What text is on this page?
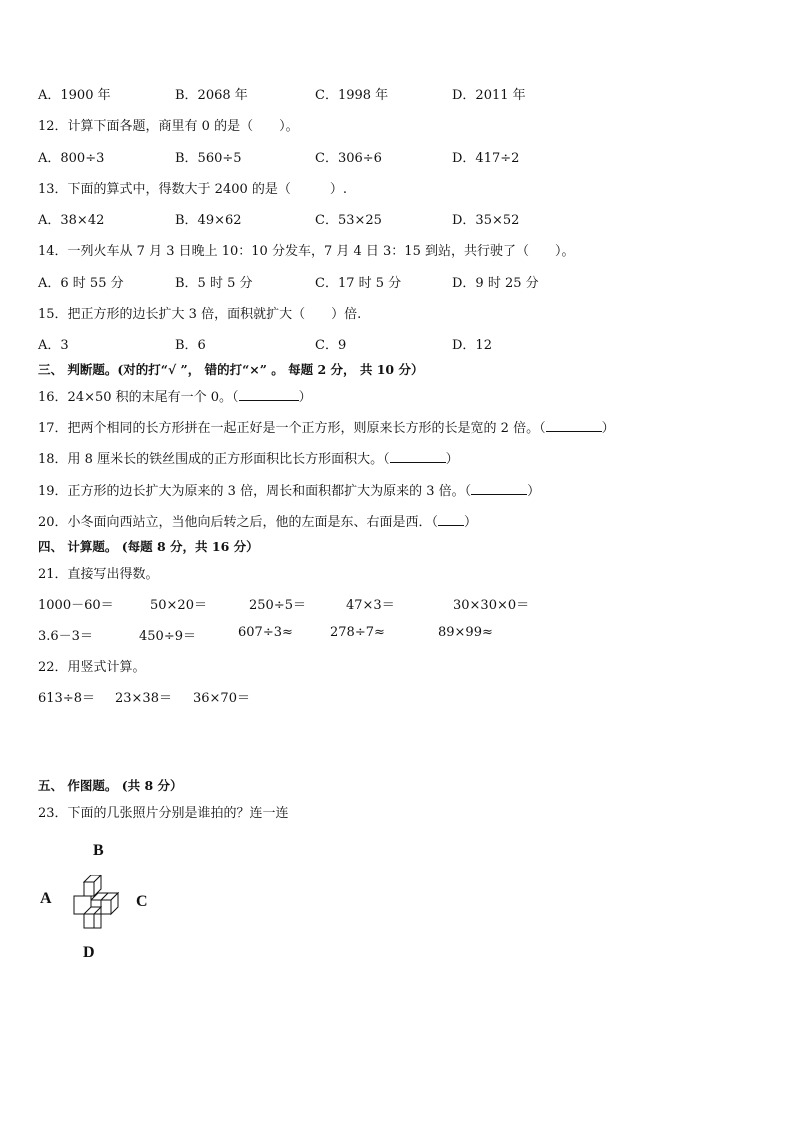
A．1900 年	B．2068 年	C．1998 年	D．2011 年
12．计算下面各题，商里有 0 的是（　　）。
A．800÷3	B．560÷5	C．306÷6	D．417÷2
13．下面的算式中，得数大于 2400 的是（　　　）.
A．38×42	B．49×62	C．53×25	D．35×52
14．一列火车从 7 月 3 日晚上 10：10 分发车，7 月 4 日 3：15 到站，共行驶了（　　）。
A．6 时 55 分	B．5 时 5 分	C．17 时 5 分	D．9 时 25 分
15．把正方形的边长扩大 3 倍，面积就扩大（　　）倍.
A．3	B．6	C．9	D．12
三、 判断题。(对的打“√ ”， 错的打“×” 。 每题 2 分， 共 10 分）
16．24×50 积的末尾有一个 0。（	）
17．把两个相同的长方形拼在一起正好是一个正方形，则原来长方形的长是宽的 2 倍。（	）
18．用 8 厘米长的铁丝围成的正方形面积比长方形面积大。（	）
19．正方形的边长扩大为原来的 3 倍，周长和面积都扩大为原来的 3 倍。（	）
20．小冬面向西站立，当他向后转之后，他的左面是东、右面是西．（ ）
四、 计算题。 (每题 8 分，共 16 分）
21．直接写出得数。
1000－60＝	50×20＝	250÷5＝	47×3＝	30×30×0＝
3.6－3＝	450÷9＝	607÷3≈	278÷7≈	89×99≈
22．用竖式计算。
613÷8＝ 23×38＝ 36×70＝
五、 作图题。 (共 8 分）
23．下面的几张照片分别是谁拍的？连一连
B
A	C
D
